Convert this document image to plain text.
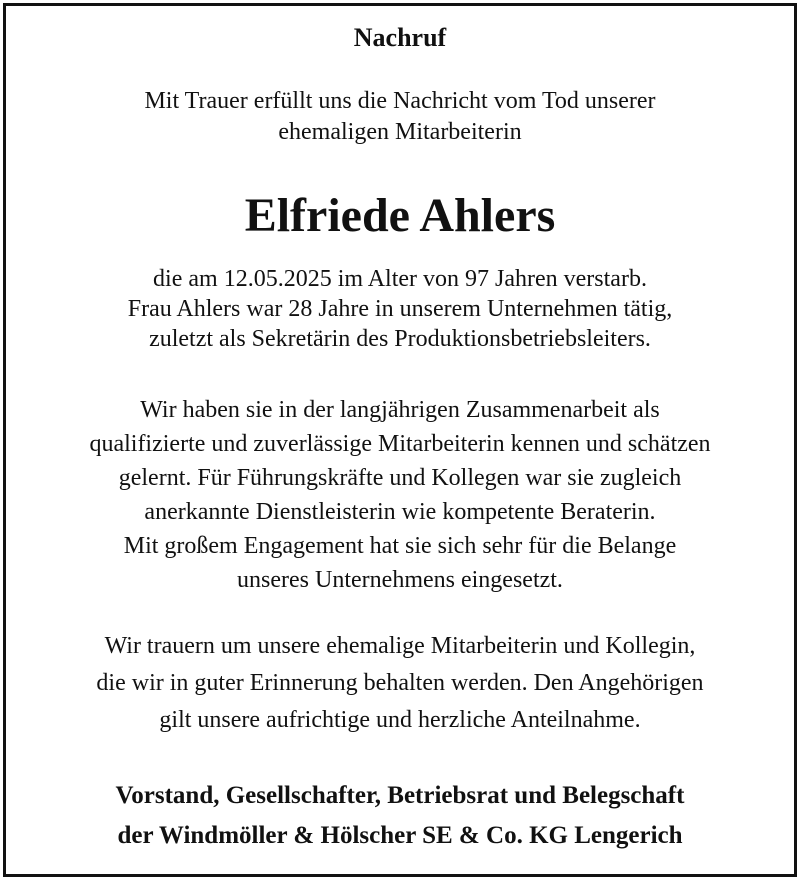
Nachruf

Mit Trauer erfüllt uns die Nachricht vom Tod unserer
ehemaligen Mitarbeiterin

Elfriede Ahlers

die am 12.05.2025 im Alter von 97 Jahren verstarb.
Frau Ahlers war 28 Jahre in unserem Unternehmen tätig,
zuletzt als Sekretärin des Produktionsbetriebsleiters.

Wir haben sie in der langjährigen Zusammenarbeit als
qualifizierte und zuverlässige Mitarbeiterin kennen und schätzen
gelernt. Für Führungskräfte und Kollegen war sie zugleich
anerkannte Dienstleisterin wie kompetente Beraterin.
Mit großem Engagement hat sie sich sehr für die Belange
unseres Unternehmens eingesetzt.

Wir trauern um unsere ehemalige Mitarbeiterin und Kollegin,
die wir in guter Erinnerung behalten werden. Den Angehörigen
gilt unsere aufrichtige und herzliche Anteilnahme.

Vorstand, Gesellschafter, Betriebsrat und Belegschaft
der Windmöller & Hölscher SE & Co. KG Lengerich
